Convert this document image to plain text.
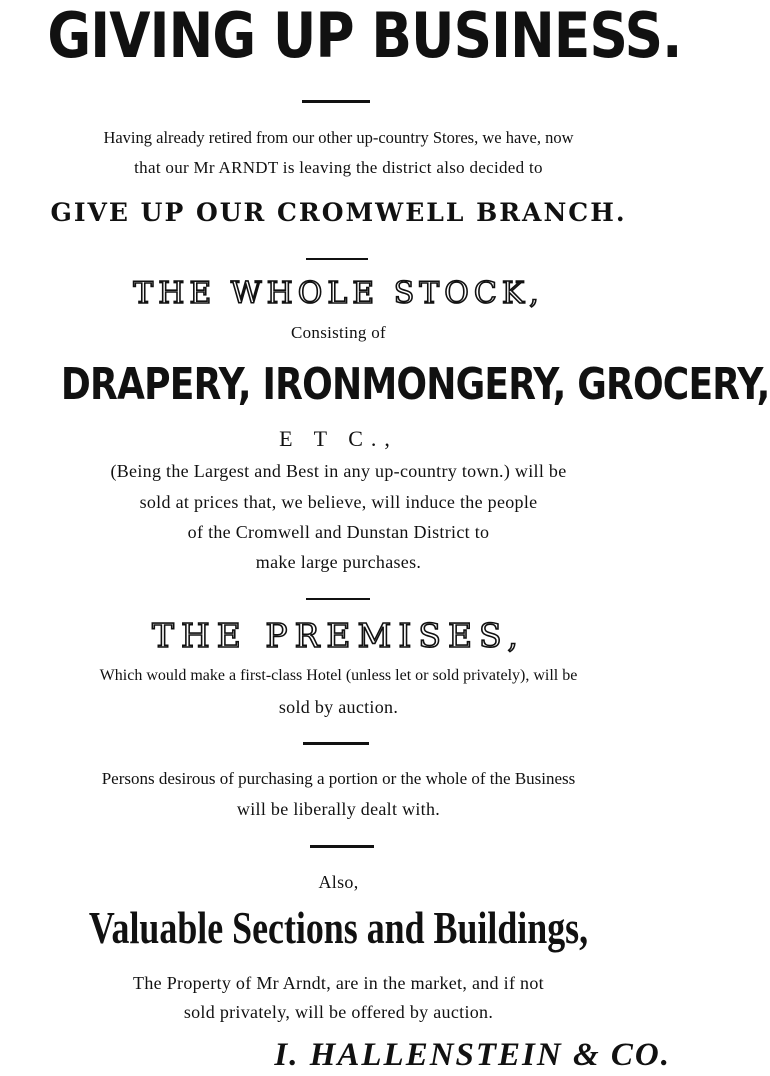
GIVING UP BUSINESS.
Having already retired from our other up-country Stores, we have, now
that our Mr ARNDT is leaving the district also decided to
GIVE UP OUR CROMWELL BRANCH.
THE WHOLE STOCK,
Consisting of
DRAPERY, IRONMONGERY, GROCERY,
E T C.,
(Being the Largest and Best in any up-country town.) will be
sold at prices that, we believe, will induce the people
of the Cromwell and Dunstan District to
make large purchases.
THE PREMISES,
Which would make a first-class Hotel (unless let or sold privately), will be
sold by auction.
Persons desirous of purchasing a portion or the whole of the Business
will be liberally dealt with.
Also,
Valuable Sections and Buildings,
The Property of Mr Arndt, are in the market, and if not
sold privately, will be offered by auction.
I. HALLENSTEIN & CO.
